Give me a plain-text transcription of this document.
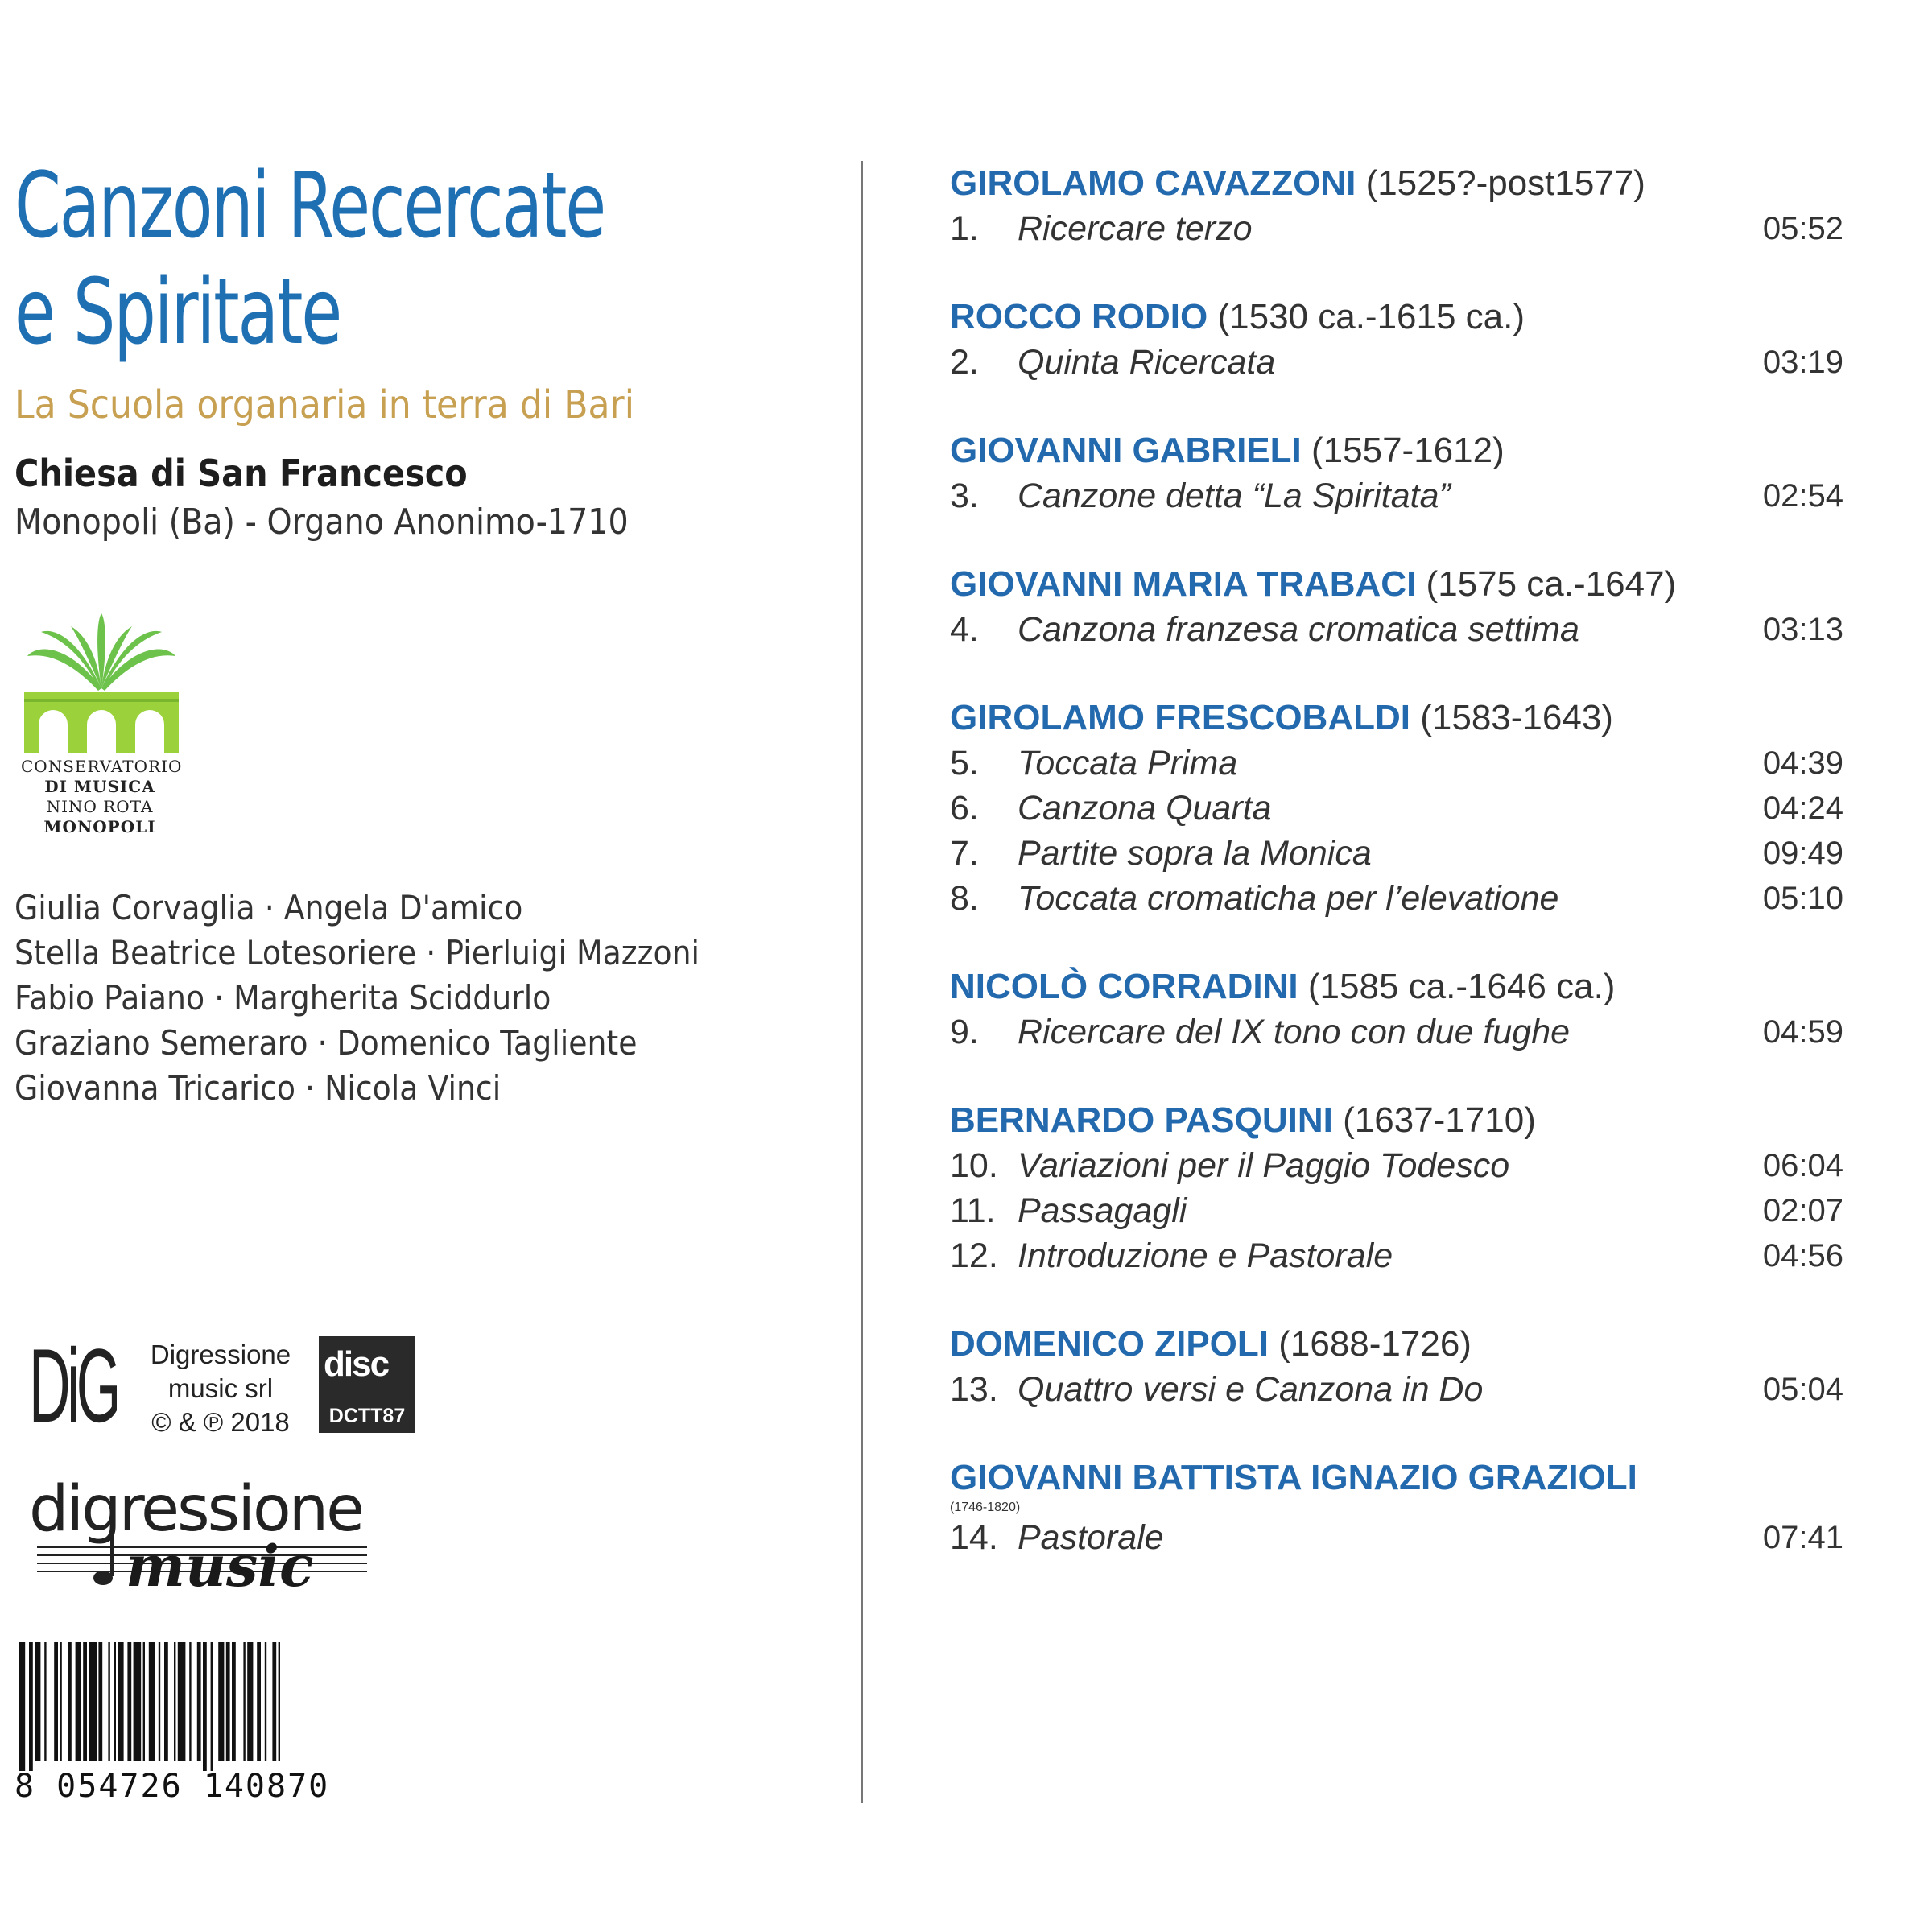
Canzoni Recercate
e Spiritate
La Scuola organaria in terra di Bari
Chiesa di San Francesco
Monopoli (Ba) - Organo Anonimo-1710
CONSERVATORIO
DI MUSICA
NINO ROTA
MONOPOLI
Giulia Corvaglia · Angela D'amico
Stella Beatrice Lotesoriere · Pierluigi Mazzoni
Fabio Paiano · Margherita Sciddurlo
Graziano Semeraro · Domenico Tagliente
Giovanna Tricarico · Nicola Vinci
DiG	Digressione
music srl
© & ℗ 2018
disc
DCTT87
digressione
music
8 054726 140870
GIROLAMO CAVAZZONI (1525?-post1577)
1. Ricercare terzo	05:52
ROCCO RODIO (1530 ca.-1615 ca.)
2. Quinta Ricercata	03:19
GIOVANNI GABRIELI (1557-1612)
3. Canzone detta “La Spiritata”	02:54
GIOVANNI MARIA TRABACI (1575 ca.-1647)
4. Canzona franzesa cromatica settima	03:13
GIROLAMO FRESCOBALDI (1583-1643)
5. Toccata Prima	04:39
6. Canzona Quarta	04:24
7. Partite sopra la Monica	09:49
8. Toccata cromaticha per l’elevatione	05:10
NICOLÒ CORRADINI (1585 ca.-1646 ca.)
9. Ricercare del IX tono con due fughe	04:59
BERNARDO PASQUINI (1637-1710)
10. Variazioni per il Paggio Todesco	06:04
11. Passagagli	02:07
12. Introduzione e Pastorale	04:56
DOMENICO ZIPOLI (1688-1726)
13. Quattro versi e Canzona in Do	05:04
GIOVANNI BATTISTA IGNAZIO GRAZIOLI
(1746-1820)
14. Pastorale	07:41
